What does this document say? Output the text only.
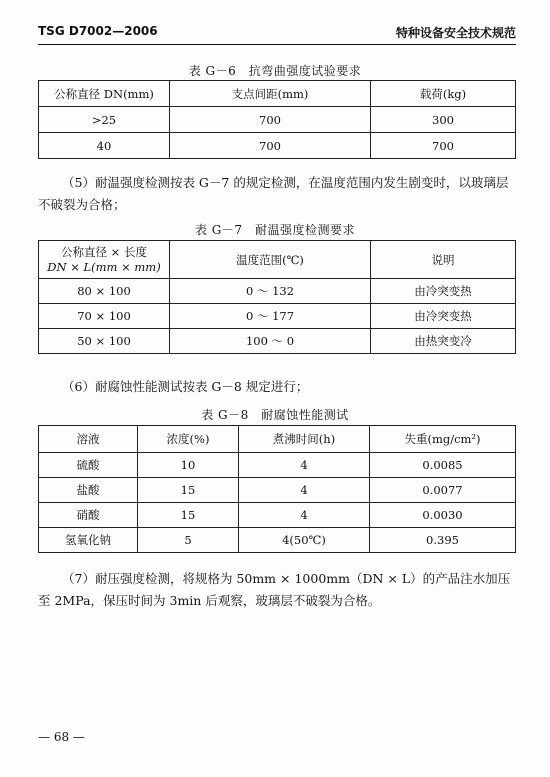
TSG D7002—2006	特种设备安全技术规范
表 G－6　抗弯曲强度试验要求
公称直径 DN(mm)	支点间距(mm)	载荷(kg)
>25	700	300
40	700	700
（5）耐温强度检测按表 G－7 的规定检测，在温度范围内发生剧变时，以玻璃层不破裂为合格；
表 G－7　耐温强度检测要求
公称直径 × 长度
DN × L(mm × mm)	温度范围(℃)	说明
80 × 100	0 ～ 132	由冷突变热
70 × 100	0 ～ 177	由冷突变热
50 × 100	100 ～ 0	由热突变冷
（6）耐腐蚀性能测试按表 G－8 规定进行；
表 G－8　耐腐蚀性能测试
溶液	浓度(%)	煮沸时间(h)	失重(mg/cm²)
硫酸	10	4	0.0085
盐酸	15	4	0.0077
硝酸	15	4	0.0030
氢氧化钠	5	4(50℃)	0.395
（7）耐压强度检测，将规格为 50mm × 1000mm（DN × L）的产品注水加压至 2MPa，保压时间为 3min 后观察，玻璃层不破裂为合格。
— 68 —
